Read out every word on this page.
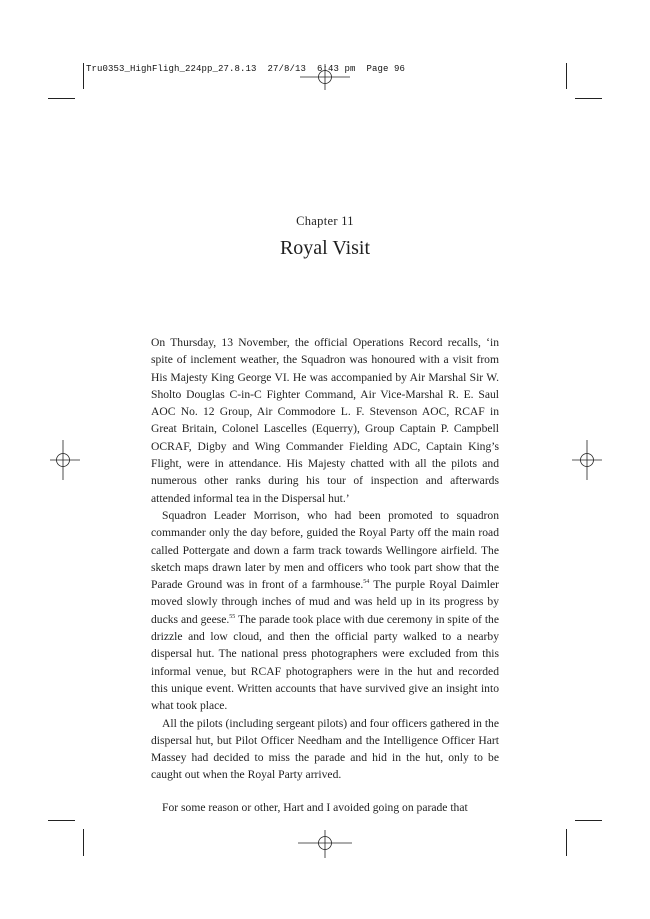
Tru0353_HighFligh_224pp_27.8.13  27/8/13  6:43 pm  Page 96
Chapter 11
Royal Visit

On Thursday, 13 November, the official Operations Record recalls, ‘in spite of inclement weather, the Squadron was honoured with a visit from His Majesty King George VI. He was accompanied by Air Marshal Sir W. Sholto Douglas C-in-C Fighter Command, Air Vice-Marshal R. E. Saul AOC No. 12 Group, Air Commodore L. F. Stevenson AOC, RCAF in Great Britain, Colonel Lascelles (Equerry), Group Captain P. Campbell OCRAF, Digby and Wing Commander Fielding ADC, Captain King’s Flight, were in attendance. His Majesty chatted with all the pilots and numerous other ranks during his tour of inspection and afterwards attended informal tea in the Dispersal hut.’

Squadron Leader Morrison, who had been promoted to squadron commander only the day before, guided the Royal Party off the main road called Pottergate and down a farm track towards Wellingore airfield. The sketch maps drawn later by men and officers who took part show that the Parade Ground was in front of a farmhouse.$^{54}$ The purple Royal Daimler moved slowly through inches of mud and was held up in its progress by ducks and geese.$^{55}$ The parade took place with due ceremony in spite of the drizzle and low cloud, and then the official party walked to a nearby dispersal hut. The national press photographers were excluded from this informal venue, but RCAF photographers were in the hut and recorded this unique event. Written accounts that have survived give an insight into what took place.

All the pilots (including sergeant pilots) and four officers gathered in the dispersal hut, but Pilot Officer Needham and the Intelligence Officer Hart Massey had decided to miss the parade and hid in the hut, only to be caught out when the Royal Party arrived.

For some reason or other, Hart and I avoided going on parade that
